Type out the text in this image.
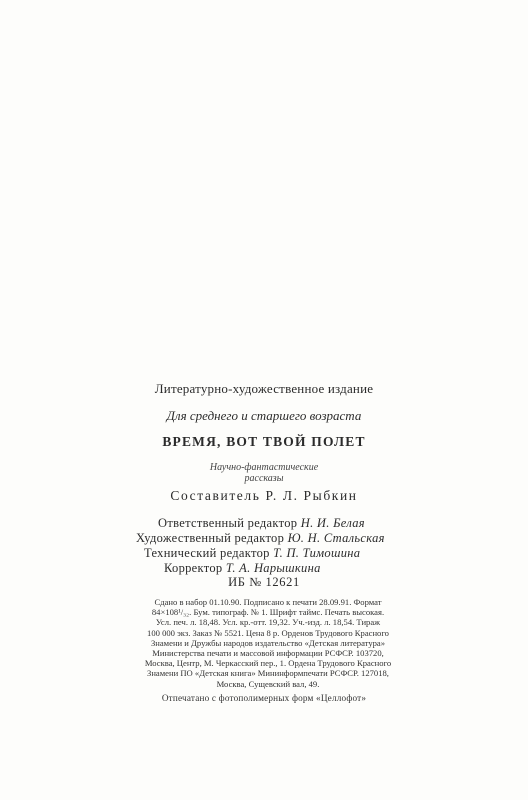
Литературно-художественное издание
Для среднего и старшего возраста
ВРЕМЯ, ВОТ ТВОЙ ПОЛЕТ
Научно-фантастические
рассказы
Составитель Р. Л. Рыбкин
Ответственный редактор Н. И. Белая
Художественный редактор Ю. Н. Стальская
Технический редактор Т. П. Тимошина
Корректор Т. А. Нарышкина
ИБ № 12621
Сдано в набор 01.10.90. Подписано к печати 28.09.91. Формат
84×108¹/₃₂. Бум. типограф. № 1. Шрифт таймс. Печать высокая.
Усл. печ. л. 18,48. Усл. кр.-отт. 19,32. Уч.-изд. л. 18,54. Тираж
100 000 экз. Заказ № 5521. Цена 8 р. Орденов Трудового Красного
Знамени и Дружбы народов издательство «Детская литература»
Министерства печати и массовой информации РСФСР. 103720,
Москва, Центр, М. Черкасский пер., 1. Ордена Трудового Красного
Знамени ПО «Детская книга» Мининформпечати РСФСР. 127018,
Москва, Сущевский вал, 49.
Отпечатано с фотополимерных форм «Целлофот»
